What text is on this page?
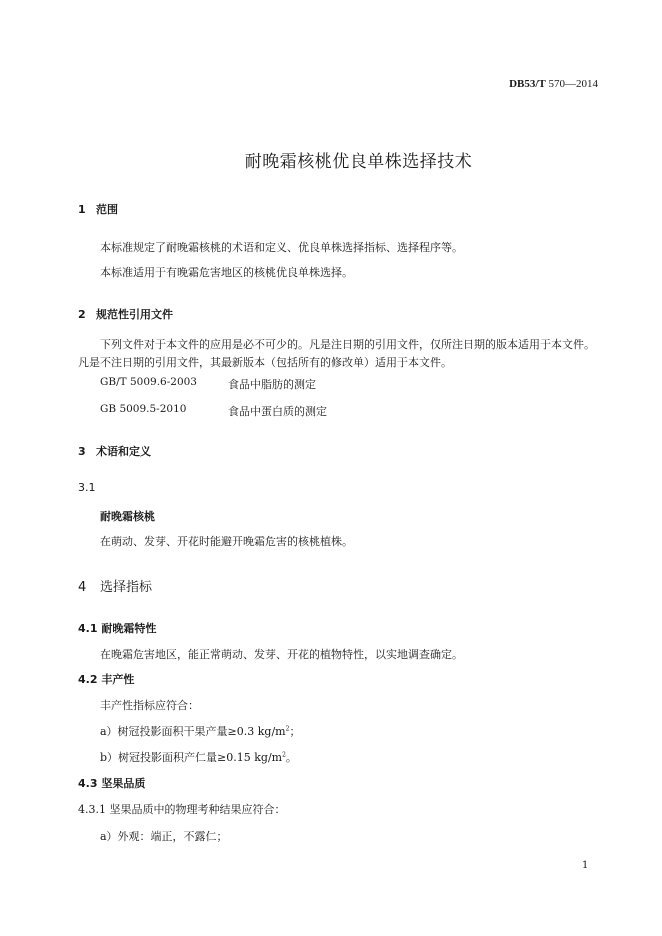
DB53/T 570—2014
耐晚霜核桃优良单株选择技术
1 范围
本标准规定了耐晚霜核桃的术语和定义、优良单株选择指标、选择程序等。
本标准适用于有晚霜危害地区的核桃优良单株选择。
2 规范性引用文件
下列文件对于本文件的应用是必不可少的。凡是注日期的引用文件，仅所注日期的版本适用于本文件。凡是不注日期的引用文件，其最新版本（包括所有的修改单）适用于本文件。
GB/T 5009.6-2003	食品中脂肪的测定
GB 5009.5-2010	食品中蛋白质的测定
3 术语和定义
3.1
耐晚霜核桃
在萌动、发芽、开花时能避开晚霜危害的核桃植株。
4 选择指标
4.1 耐晚霜特性
在晚霜危害地区，能正常萌动、发芽、开花的植物特性，以实地调查确定。
4.2 丰产性
丰产性指标应符合：
a）树冠投影面积干果产量≥0.3 $kg/m^2$；
b）树冠投影面积产仁量≥0.15 $kg/m^2$。
4.3 坚果品质
4.3.1 坚果品质中的物理考种结果应符合：
a）外观：端正，不露仁；
1
